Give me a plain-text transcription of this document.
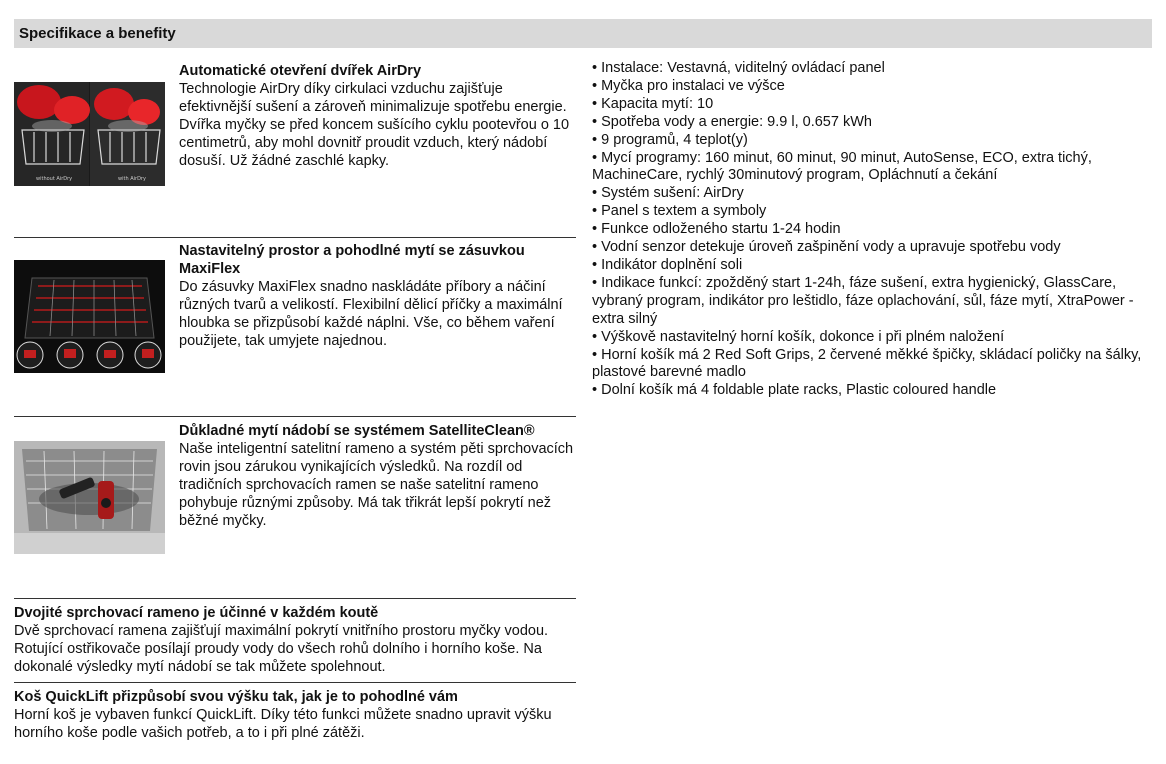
Specifikace a benefity
without AirDry	with AirDry
Automatické otevření dvířek AirDry
Technologie AirDry díky cirkulaci vzduchu zajišťuje efektivnější sušení a zároveň minimalizuje spotřebu energie. Dvířka myčky se před koncem sušícího cyklu pootevřou o 10 centimetrů, aby mohl dovnitř proudit vzduch, který nádobí dosuší. Už žádné zaschlé kapky.
Nastavitelný prostor a pohodlné mytí se zásuvkou MaxiFlex
Do zásuvky MaxiFlex snadno naskládáte příbory a náčiní různých tvarů a velikostí. Flexibilní dělicí příčky a maximální hloubka se přizpůsobí každé náplni. Vše, co během vaření použijete, tak umyjete najednou.
Důkladné mytí nádobí se systémem SatelliteClean®
Naše inteligentní satelitní rameno a systém pěti sprchovacích rovin jsou zárukou vynikajících výsledků. Na rozdíl od tradičních sprchovacích ramen se naše satelitní rameno pohybuje různými způsoby. Má tak třikrát lepší pokrytí než běžné myčky.
Dvojité sprchovací rameno je účinné v každém koutě
Dvě sprchovací ramena zajišťují maximální pokrytí vnitřního prostoru myčky vodou. Rotující ostřikovače posílají proudy vody do všech rohů dolního i horního koše. Na dokonalé výsledky mytí nádobí se tak můžete spolehnout.
Koš QuickLift přizpůsobí svou výšku tak, jak je to pohodlné vám
Horní koš je vybaven funkcí QuickLift. Díky této funkci můžete snadno upravit výšku horního koše podle vašich potřeb, a to i při plné zátěži.
• Instalace: Vestavná, viditelný ovládací panel
• Myčka pro instalaci ve výšce
• Kapacita mytí: 10
• Spotřeba vody a energie: 9.9 l, 0.657 kWh
• 9 programů, 4 teplot(y)
• Mycí programy: 160 minut, 60 minut, 90 minut, AutoSense, ECO, extra tichý, MachineCare, rychlý 30minutový program, Opláchnutí a čekání
• Systém sušení: AirDry
• Panel s textem a symboly
• Funkce odloženého startu 1-24 hodin
• Vodní senzor detekuje úroveň zašpinění vody a upravuje spotřebu vody
• Indikátor doplnění soli
• Indikace funkcí: zpožděný start 1-24h, fáze sušení, extra hygienický, GlassCare, vybraný program, indikátor pro leštidlo, fáze oplachování, sůl, fáze mytí, XtraPower - extra silný
• Výškově nastavitelný horní košík, dokonce i při plném naložení
• Horní košík má 2 Red Soft Grips, 2 červené měkké špičky, skládací poličky na šálky, plastové barevné madlo
• Dolní košík má 4 foldable plate racks, Plastic coloured handle
